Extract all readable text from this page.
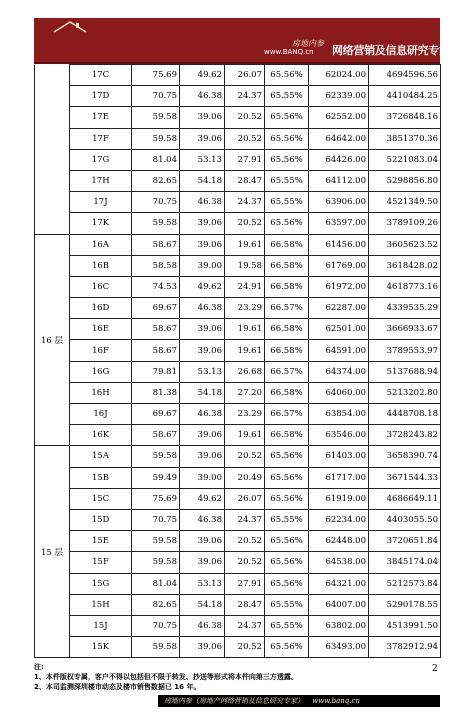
房地内参
www.BANQ.cn 网络营销及信息研究专家
	17C	75.69	49.62	26.07	65.56%	62024.00	4694596.56
	17D	70.75	46.38	24.37	65.55%	62339.00	4410484.25
	17E	59.58	39.06	20.52	65.56%	62552.00	3726848.16
	17F	59.58	39.06	20.52	65.56%	64642.00	3851370.36
	17G	81.04	53.13	27.91	65.56%	64426.00	5221083.04
	17H	82.65	54.18	28.47	65.55%	64112.00	5298856.80
	17J	70.75	46.38	24.37	65.55%	63906.00	4521349.50
	17K	59.58	39.06	20.52	65.56%	63597.00	3789109.26
16 层	16A	58.67	39.06	19.61	66.58%	61456.00	3605623.52
	16B	58.58	39.00	19.58	66.58%	61769.00	3618428.02
	16C	74.53	49.62	24.91	66.58%	61972.00	4618773.16
	16D	69.67	46.38	23.29	66.57%	62287.00	4339535.29
	16E	58.67	39.06	19.61	66.58%	62501.00	3666933.67
	16F	58.67	39.06	19.61	66.58%	64591.00	3789553.97
	16G	79.81	53.13	26.68	66.57%	64374.00	5137688.94
	16H	81.38	54.18	27.20	66.58%	64060.00	5213202.80
	16J	69.67	46.38	23.29	66.57%	63854.00	4448708.18
	16K	58.67	39.06	19.61	66.58%	63546.00	3728243.82
15 层	15A	59.58	39.06	20.52	65.56%	61403.00	3658390.74
	15B	59.49	39.00	20.49	65.56%	61717.00	3671544.33
	15C	75.69	49.62	26.07	65.56%	61919.00	4686649.11
	15D	70.75	46.38	24.37	65.55%	62234.00	4403055.50
	15E	59.58	39.06	20.52	65.56%	62448.00	3720651.84
	15F	59.58	39.06	20.52	65.56%	64538.00	3845174.04
	15G	81.04	53.13	27.91	65.56%	64321.00	5212573.84
	15H	82.65	54.18	28.47	65.55%	64007.00	5290178.55
	15J	70.75	46.38	24.37	65.55%	63802.00	4513991.50
	15K	59.58	39.06	20.52	65.56%	63493.00	3782912.94
注:
1、本件版权专属，客户不得以包括但不限于转发、抄送等形式将本件向第三方透露。
2、本司监测深圳楼市动态及楼市销售数据已 16 年。
2
房地内参（房地产网络营销及信息研究专家） www.banq.cn
